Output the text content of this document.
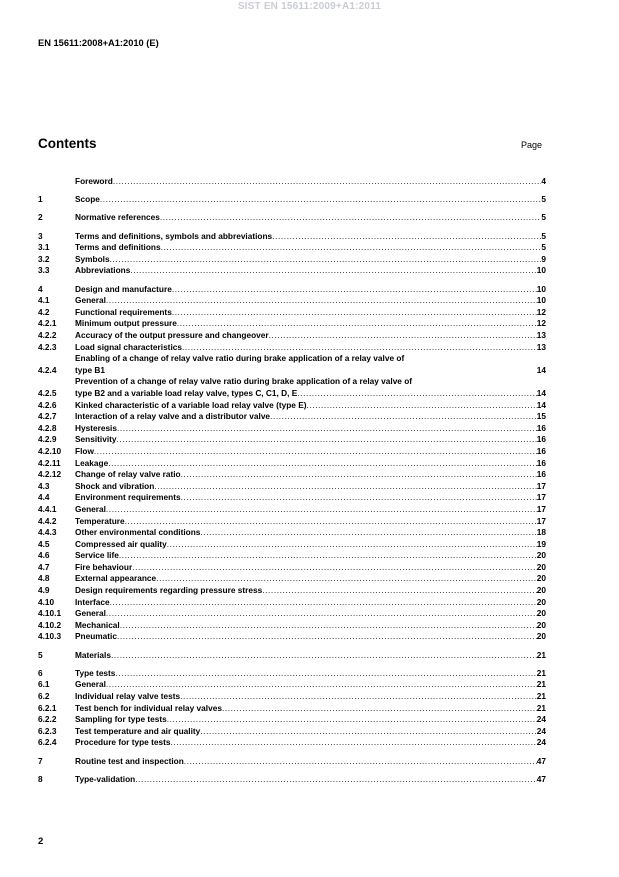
SIST EN 15611:2009+A1:2011
EN 15611:2008+A1:2010 (E)
Contents	Page
Foreword .....	4
1	Scope .....	5
2	Normative references .....	5
3	Terms and definitions, symbols and abbreviations .....	5
3.1	Terms and definitions .....	5
3.2	Symbols .....	9
3.3	Abbreviations .....	10
4	Design and manufacture .....	10
4.1	General .....	10
4.2	Functional requirements .....	12
4.2.1	Minimum output pressure .....	12
4.2.2	Accuracy of the output pressure and changeover .....	13
4.2.3	Load signal characteristics .....	13
4.2.4
Enabling of a change of relay valve ratio during brake application of a relay valve of
type B1	14
4.2.5
Prevention of a change of relay valve ratio during brake application of a relay valve of
type B2 and a variable load relay valve, types C, C1, D, E .....	14
4.2.6	Kinked characteristic of a variable load relay valve (type E) .....	14
4.2.7	Interaction of a relay valve and a distributor valve .....	15
4.2.8	Hysteresis .....	16
4.2.9	Sensitivity .....	16
4.2.10	Flow .....	16
4.2.11	Leakage .....	16
4.2.12	Change of relay valve ratio .....	16
4.3	Shock and vibration .....	17
4.4	Environment requirements .....	17
4.4.1	General .....	17
4.4.2	Temperature .....	17
4.4.3	Other environmental conditions .....	18
4.5	Compressed air quality .....	19
4.6	Service life .....	20
4.7	Fire behaviour .....	20
4.8	External appearance .....	20
4.9	Design requirements regarding pressure stress .....	20
4.10	Interface .....	20
4.10.1	General .....	20
4.10.2	Mechanical .....	20
4.10.3	Pneumatic .....	20
5	Materials .....	21
6	Type tests .....	21
6.1	General .....	21
6.2	Individual relay valve tests .....	21
6.2.1	Test bench for individual relay valves .....	21
6.2.2	Sampling for type tests .....	24
6.2.3	Test temperature and air quality .....	24
6.2.4	Procedure for type tests .....	24
7	Routine test and inspection .....	47
8	Type-validation .....	47
2
